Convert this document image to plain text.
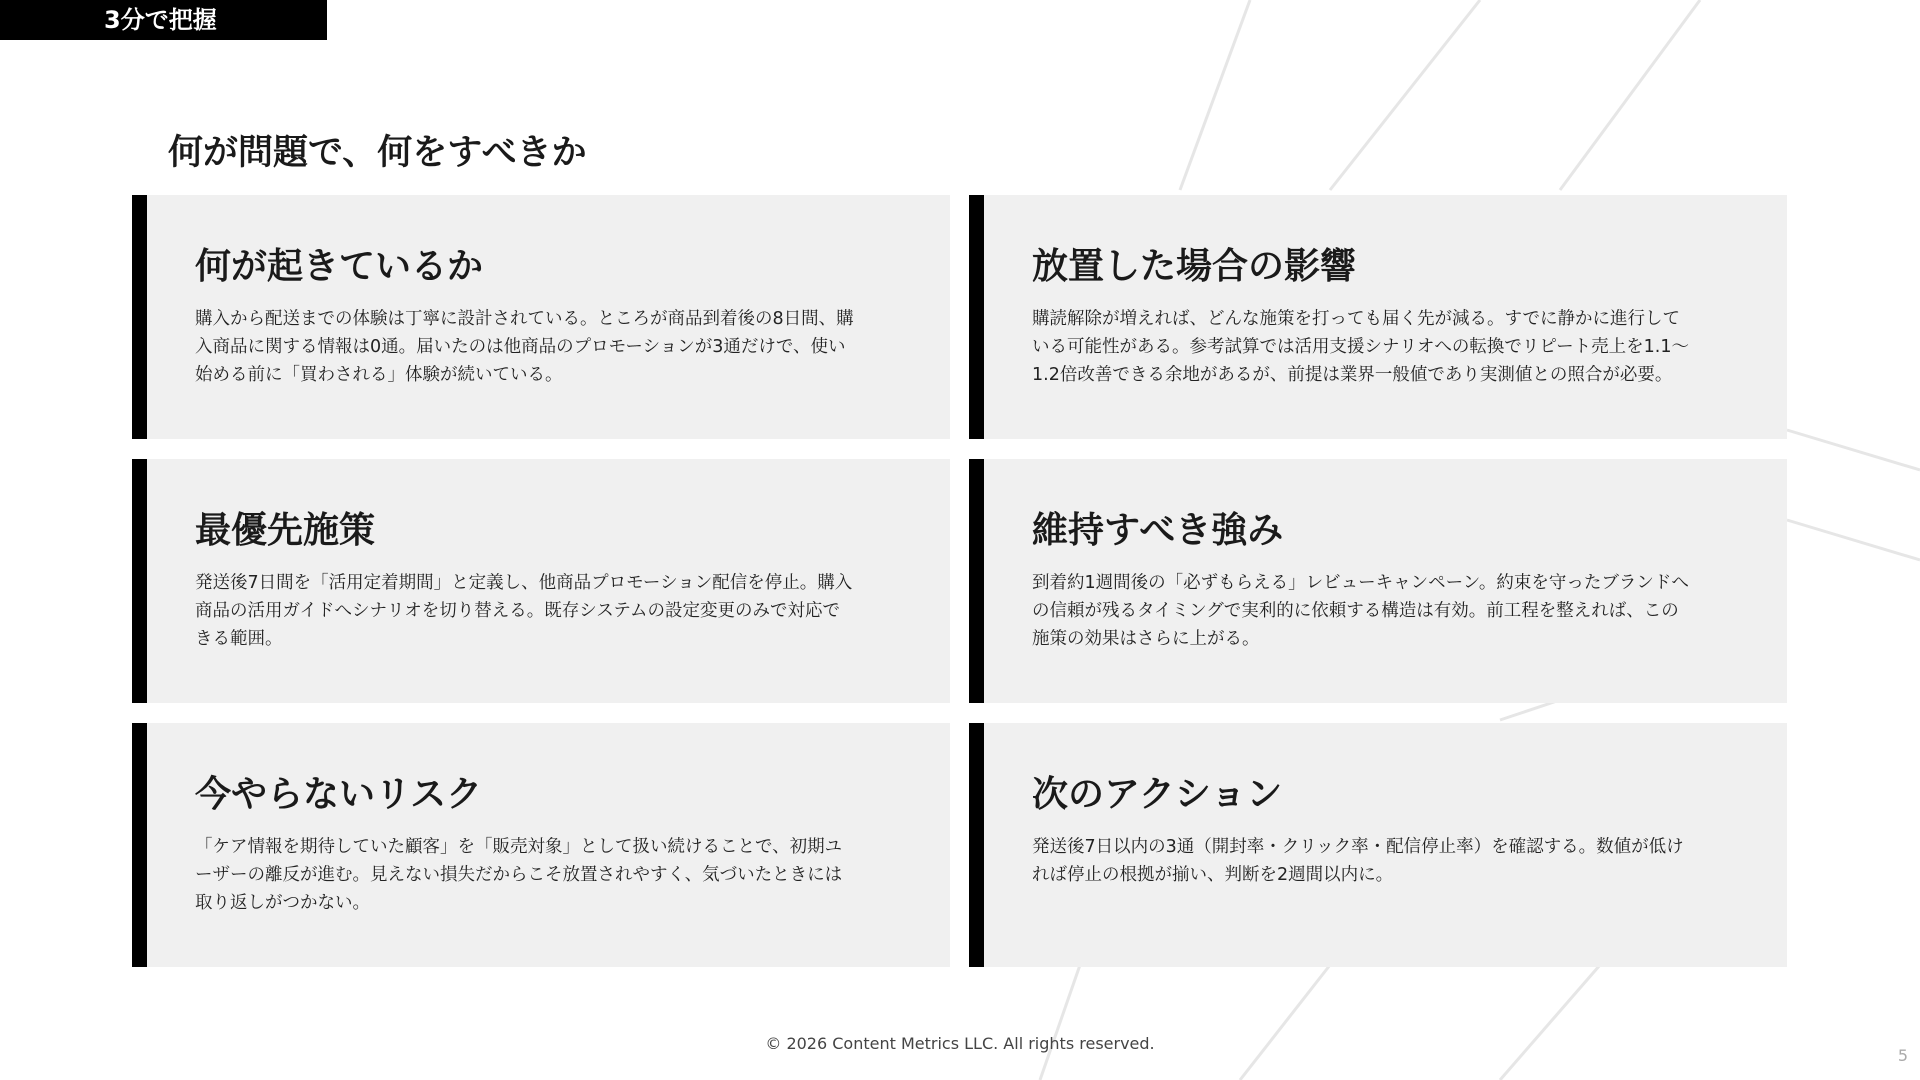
3分で把握
何が問題で、何をすべきか
何が起きているか

購入から配送までの体験は丁寧に設計されている。ところが商品到着後の8日間、購入商品に関する情報は0通。届いたのは他商品のプロモーションが3通だけで、使い始める前に「買わされる」体験が続いている。

放置した場合の影響

購読解除が増えれば、どんな施策を打っても届く先が減る。すでに静かに進行している可能性がある。参考試算では活用支援シナリオへの転換でリピート売上を1.1〜1.2倍改善できる余地があるが、前提は業界一般値であり実測値との照合が必要。

最優先施策

発送後7日間を「活用定着期間」と定義し、他商品プロモーション配信を停止。購入商品の活用ガイドへシナリオを切り替える。既存システムの設定変更のみで対応できる範囲。

維持すべき強み

到着約1週間後の「必ずもらえる」レビューキャンペーン。約束を守ったブランドへの信頼が残るタイミングで実利的に依頼する構造は有効。前工程を整えれば、この施策の効果はさらに上がる。

今やらないリスク

「ケア情報を期待していた顧客」を「販売対象」として扱い続けることで、初期ユーザーの離反が進む。見えない損失だからこそ放置されやすく、気づいたときには取り返しがつかない。

次のアクション

発送後7日以内の3通（開封率・クリック率・配信停止率）を確認する。数値が低ければ停止の根拠が揃い、判断を2週間以内に。

© 2026 Content Metrics LLC. All rights reserved.
5
